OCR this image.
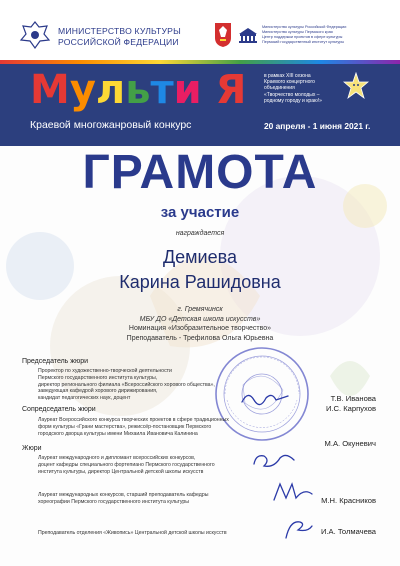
МИНИСТЕРСТВО КУЛЬТУРЫ
РОССИЙСКОЙ ФЕДЕРАЦИИ
Министерство культуры Российской Федерации
Министерство культуры Пермского края
Центр поддержки проектов в сфере культуры
Пермский государственный институт культуры
Мульти Я
Краевой многожанровый конкурс
в рамках XIII сезона
Краевого концертного
объединения
«Творчество молодых –
родному городу и краю!»
20 апреля - 1 июня 2021 г.
ГРАМОТА
за участие
награждается
Демиева
Карина Рашидовна
г. Гремячинск
МБУ ДО «Детская школа искусств»
Номинация «Изобразительное творчество»
Преподаватель - Трефилова Ольга Юрьевна
Председатель жюри
Проректор по художественно-творческой деятельности
Пермского государственного института культуры,
директор регионального филиала «Всероссийского хорового общества»,
заведующая кафедрой хорового дирижирования,
кандидат педагогических наук, доцент	Т.В. Иванова
Сопредседатель жюри
Лауреат Всероссийского конкурса творческих проектов в сфере традиционных
форм культуры «Грани мастерства», режиссёр-постановщик Пермского
городского дворца культуры имени Михаила Ивановича Калинина
И.С. Карпухов
Жюри
Лауреат международного и дипломант всероссийских конкурсов,
доцент кафедры специального фортепиано Пермского государственного
института культуры, директор Центральной детской школы искусств
М.А. Окуневич
Лауреат международных конкурсов, старший преподаватель кафедры
хореографии Пермского государственного института культуры	М.Н. Красников
Преподаватель отделения «Живопись» Центральной детской школы искусств	И.А. Толмачева
